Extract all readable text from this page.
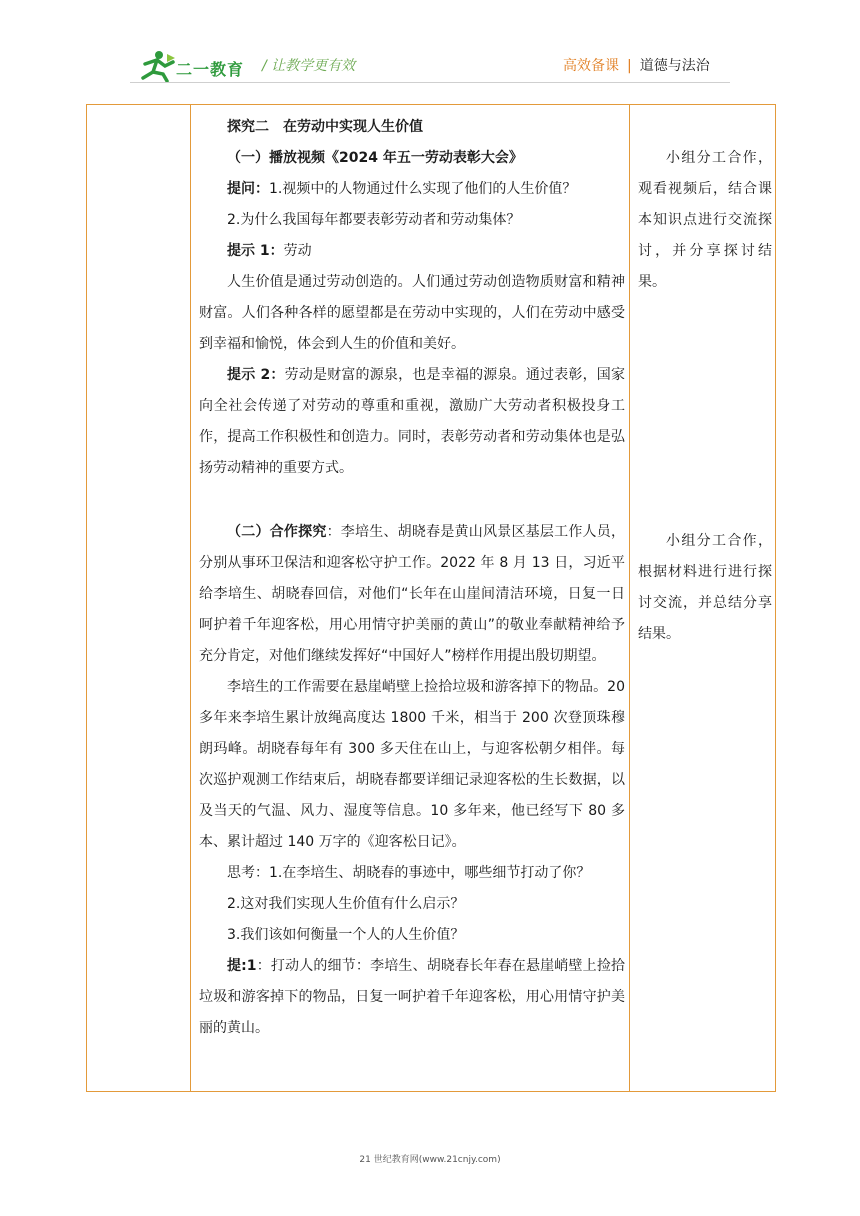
二一教育 / 让教学更有效	高效备课 | 道德与法治

探究二　在劳动中实现人生价值

（一）播放视频《2024 年五一劳动表彰大会》

提问：1.视频中的人物通过什么实现了他们的人生价值？

2.为什么我国每年都要表彰劳动者和劳动集体？

提示 1：劳动

人生价值是通过劳动创造的。人们通过劳动创造物质财富和精神财富。人们各种各样的愿望都是在劳动中实现的，人们在劳动中感受到幸福和愉悦，体会到人生的价值和美好。

提示 2：劳动是财富的源泉，也是幸福的源泉。通过表彰，国家向全社会传递了对劳动的尊重和重视，激励广大劳动者积极投身工作，提高工作积极性和创造力。同时，表彰劳动者和劳动集体也是弘扬劳动精神的重要方式。

（二）合作探究：李培生、胡晓春是黄山风景区基层工作人员，分别从事环卫保洁和迎客松守护工作。2022 年 8 月 13 日，习近平给李培生、胡晓春回信，对他们“长年在山崖间清洁环境，日复一日呵护着千年迎客松，用心用情守护美丽的黄山”的敬业奉献精神给予充分肯定，对他们继续发挥好“中国好人”榜样作用提出殷切期望。

李培生的工作需要在悬崖峭壁上捡拾垃圾和游客掉下的物品。20 多年来李培生累计放绳高度达 1800 千米，相当于 200 次登顶珠穆朗玛峰。胡晓春每年有 300 多天住在山上，与迎客松朝夕相伴。每次巡护观测工作结束后，胡晓春都要详细记录迎客松的生长数据，以及当天的气温、风力、湿度等信息。10 多年来，他已经写下 80 多本、累计超过 140 万字的《迎客松日记》。

思考：1.在李培生、胡晓春的事迹中，哪些细节打动了你？

2.这对我们实现人生价值有什么启示？

3.我们该如何衡量一个人的人生价值？

提:1：打动人的细节：李培生、胡晓春长年春在悬崖峭壁上捡拾垃圾和游客掉下的物品，日复一呵护着千年迎客松，用心用情守护美丽的黄山。

小组分工合作，观看视频后，结合课本知识点进行交流探讨，并分享探讨结果。

小组分工合作，根据材料进行进行探讨交流，并总结分享结果。

21 世纪教育网(www.21cnjy.com)
